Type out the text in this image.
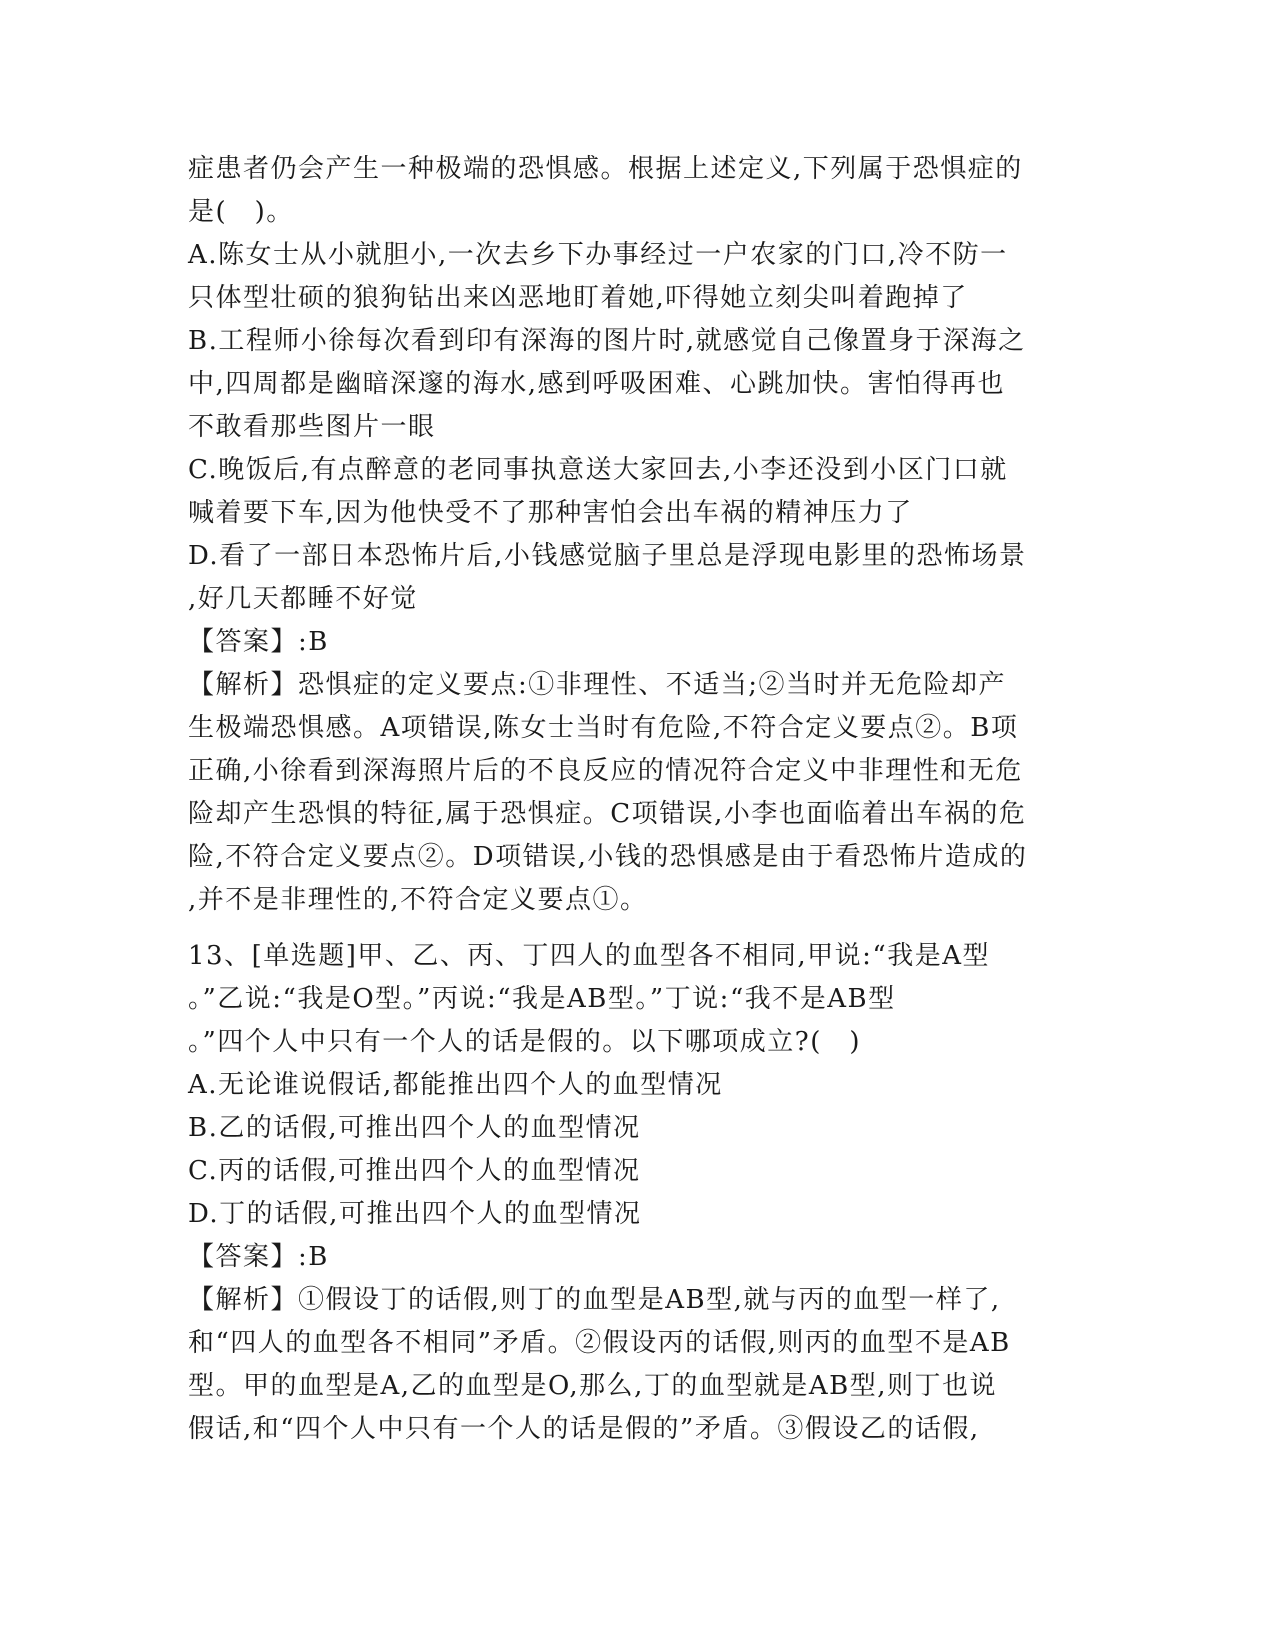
症患者仍会产生一种极端的恐惧感。根据上述定义,下列属于恐惧症的
是(　)。
A.陈女士从小就胆小,一次去乡下办事经过一户农家的门口,冷不防一
只体型壮硕的狼狗钻出来凶恶地盯着她,吓得她立刻尖叫着跑掉了
B.工程师小徐每次看到印有深海的图片时,就感觉自己像置身于深海之
中,四周都是幽暗深邃的海水,感到呼吸困难、心跳加快。害怕得再也
不敢看那些图片一眼
C.晚饭后,有点醉意的老同事执意送大家回去,小李还没到小区门口就
喊着要下车,因为他快受不了那种害怕会出车祸的精神压力了
D.看了一部日本恐怖片后,小钱感觉脑子里总是浮现电影里的恐怖场景
,好几天都睡不好觉
【答案】:B
【解析】恐惧症的定义要点:①非理性、不适当;②当时并无危险却产
生极端恐惧感。A项错误,陈女士当时有危险,不符合定义要点②。B项
正确,小徐看到深海照片后的不良反应的情况符合定义中非理性和无危
险却产生恐惧的特征,属于恐惧症。C项错误,小李也面临着出车祸的危
险,不符合定义要点②。D项错误,小钱的恐惧感是由于看恐怖片造成的
,并不是非理性的,不符合定义要点①。
13、[单选题]甲、乙、丙、丁四人的血型各不相同,甲说:“我是A型
。”乙说:“我是O型。”丙说:“我是AB型。”丁说:“我不是AB型
。”四个人中只有一个人的话是假的。以下哪项成立?(　)
A.无论谁说假话,都能推出四个人的血型情况
B.乙的话假,可推出四个人的血型情况
C.丙的话假,可推出四个人的血型情况
D.丁的话假,可推出四个人的血型情况
【答案】:B
【解析】①假设丁的话假,则丁的血型是AB型,就与丙的血型一样了,
和“四人的血型各不相同”矛盾。②假设丙的话假,则丙的血型不是AB
型。甲的血型是A,乙的血型是O,那么,丁的血型就是AB型,则丁也说
假话,和“四个人中只有一个人的话是假的”矛盾。③假设乙的话假,
